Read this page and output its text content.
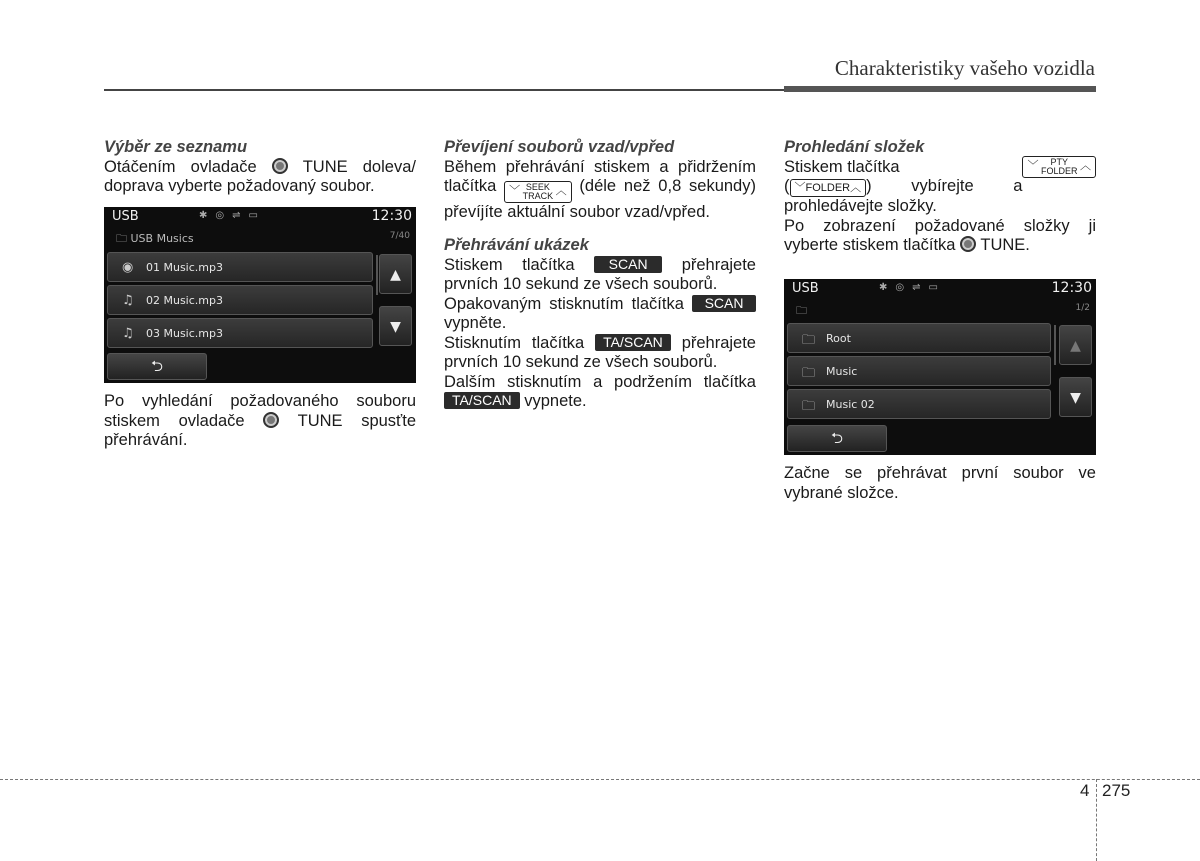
Charakteristiky vašeho vozidla

Výběr ze seznamu

Otáčením ovladače	TUNE doleva/ doprava vyberte požadovaný soubor.

USB	✱◎⇌▭	12:30
🗀 USB Musics	7/40
◉ 01 Music.mp3
♫ 02 Music.mp3
♫ 03 Music.mp3
▲
▼
⮌

Po vyhledání požadovaného souboru stiskem ovladače	TUNE spusťte přehrávání.

Převíjení souborů vzad/vpřed

Během přehrávání stiskem a přidržením tlačítka ﹀ SEEK
TRACK ︿ (déle než 0,8 sekundy) převíjíte aktuální soubor vzad/vpřed.

Přehrávání ukázek

Stiskem tlačítka SCAN přehrajete prvních 10 sekund ze všech souborů.

Opakovaným stisknutím tlačítka SCAN vypněte.

Stisknutím tlačítka TA/SCAN přehrajete prvních 10 sekund ze všech souborů.

Dalším stisknutím a podržením tlačítka TA/SCAN vypnete.

Prohledání složek

Stiskem tlačítka	﹀ PTY
FOLDER ︿

( ﹀FOLDER︿ ) vybírejte a prohledávejte složky.

Po zobrazení požadované složky ji vyberte stiskem tlačítka TUNE.

USB	✱◎⇌▭	12:30
🗀	1/2
🗀 Root
🗀 Music
🗀 Music 02
▲
▼
⮌

Začne se přehrávat první soubor ve vybrané složce.

4 275
